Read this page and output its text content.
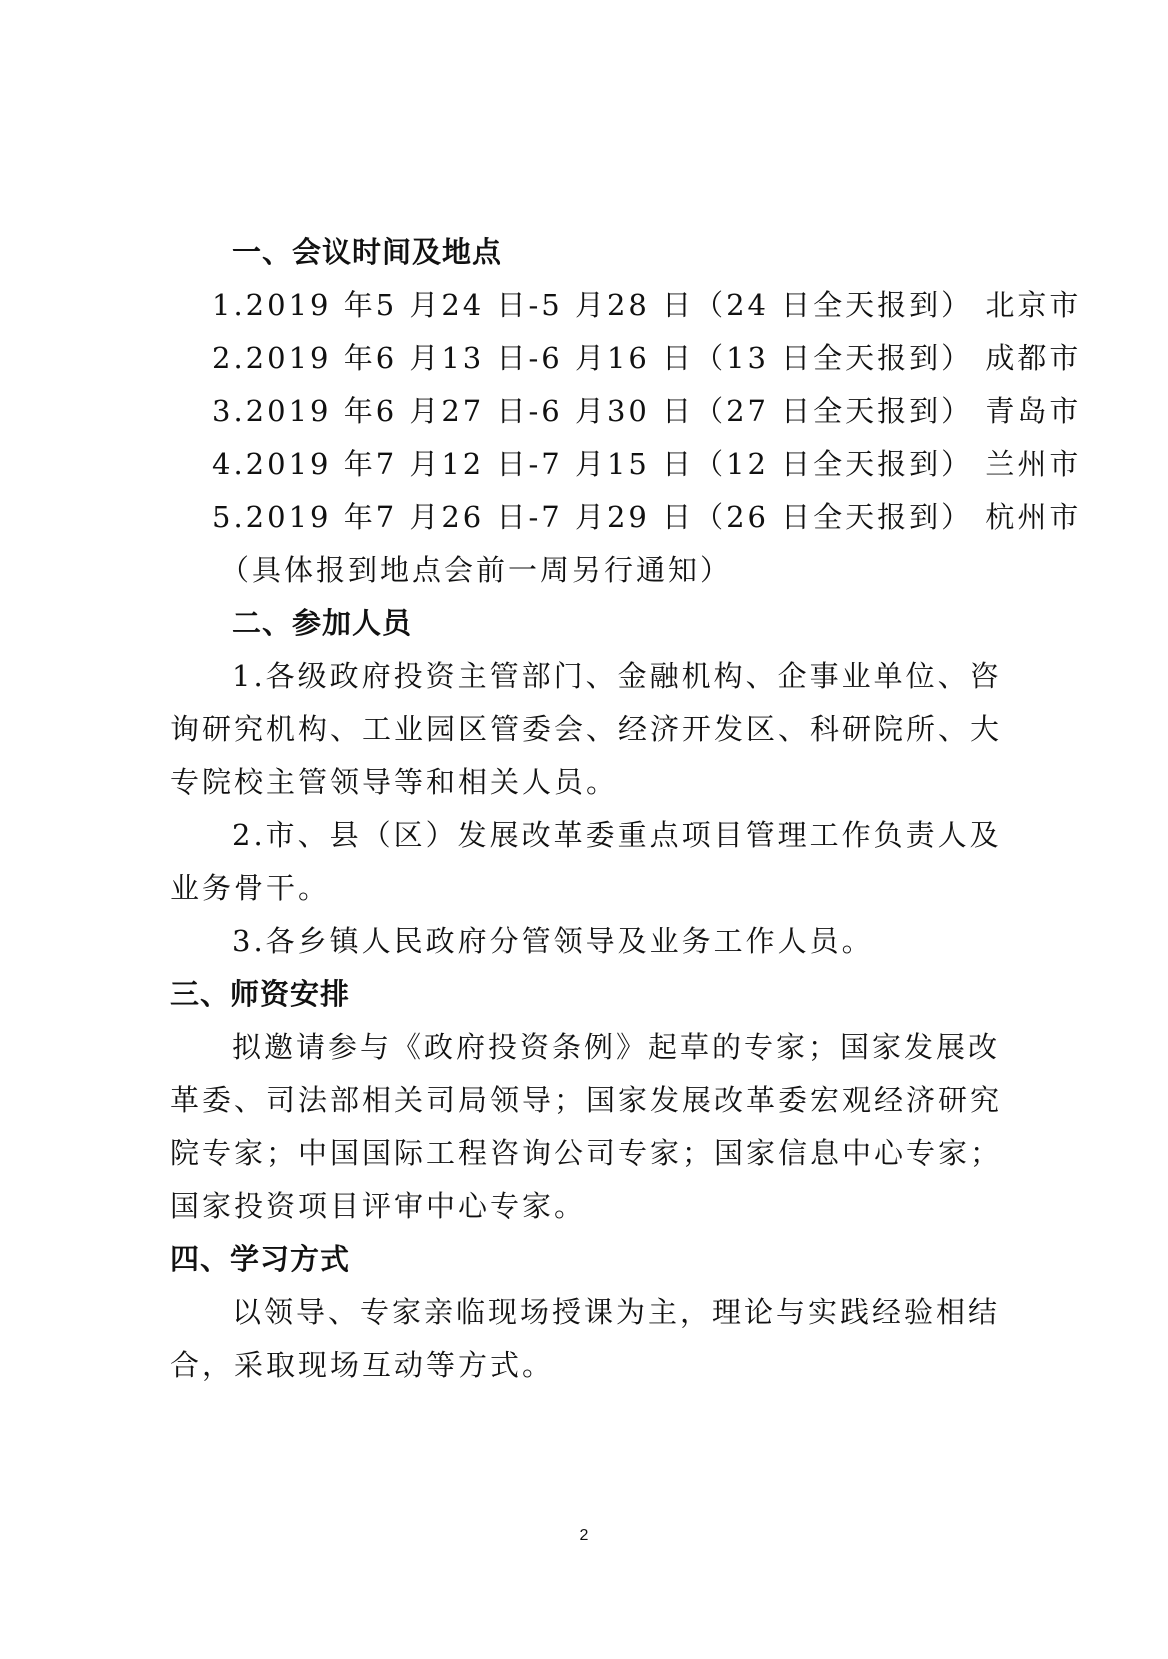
一、会议时间及地点
1.2019 年5 月24 日-5 月28 日（24 日全天报到） 北京市
2.2019 年6 月13 日-6 月16 日（13 日全天报到） 成都市
3.2019 年6 月27 日-6 月30 日（27 日全天报到） 青岛市
4.2019 年7 月12 日-7 月15 日（12 日全天报到） 兰州市
5.2019 年7 月26 日-7 月29 日（26 日全天报到） 杭州市
（具体报到地点会前一周另行通知）
二、参加人员
1.各级政府投资主管部门、金融机构、企事业单位、咨
询研究机构、工业园区管委会、经济开发区、科研院所、大
专院校主管领导等和相关人员。
2.市、县（区）发展改革委重点项目管理工作负责人及
业务骨干。
3.各乡镇人民政府分管领导及业务工作人员。
三、师资安排
拟邀请参与《政府投资条例》起草的专家；国家发展改
革委、司法部相关司局领导；国家发展改革委宏观经济研究
院专家；中国国际工程咨询公司专家；国家信息中心专家；
国家投资项目评审中心专家。
四、学习方式
以领导、专家亲临现场授课为主，理论与实践经验相结
合，采取现场互动等方式。
2
